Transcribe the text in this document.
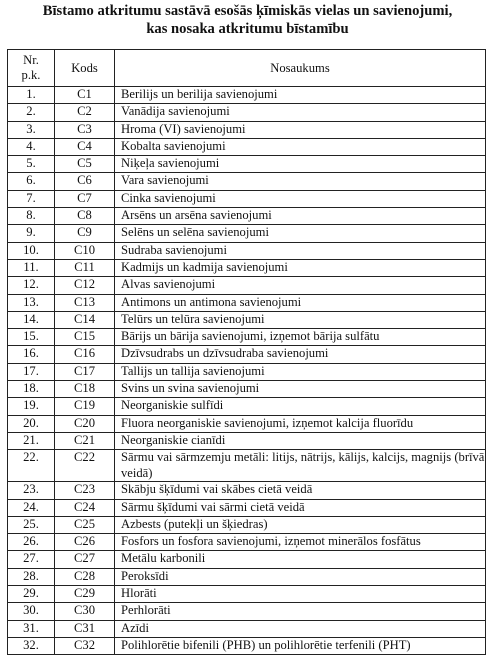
Bīstamo atkritumu sastāvā esošās ķīmiskās vielas un savienojumi,
kas nosaka atkritumu bīstamību
Nr.
p.k.	Kods	Nosaukums
1.	C1	Berilijs un berilija savienojumi
2.	C2	Vanādija savienojumi
3.	C3	Hroma (VI) savienojumi
4.	C4	Kobalta savienojumi
5.	C5	Niķeļa savienojumi
6.	C6	Vara savienojumi
7.	C7	Cinka savienojumi
8.	C8	Arsēns un arsēna savienojumi
9.	C9	Selēns un selēna savienojumi
10.	C10	Sudraba savienojumi
11.	C11	Kadmijs un kadmija savienojumi
12.	C12	Alvas savienojumi
13.	C13	Antimons un antimona savienojumi
14.	C14	Telūrs un telūra savienojumi
15.	C15	Bārijs un bārija savienojumi, izņemot bārija sulfātu
16.	C16	Dzīvsudrabs un dzīvsudraba savienojumi
17.	C17	Tallijs un tallija savienojumi
18.	C18	Svins un svina savienojumi
19.	C19	Neorganiskie sulfīdi
20.	C20	Fluora neorganiskie savienojumi, izņemot kalcija fluorīdu
21.	C21	Neorganiskie cianīdi
22.	C22	Sārmu vai sārmzemju metāli: litijs, nātrijs, kālijs, kalcijs, magnijs (brīvā veidā)
23.	C23	Skābju šķīdumi vai skābes cietā veidā
24.	C24	Sārmu šķīdumi vai sārmi cietā veidā
25.	C25	Azbests (putekļi un šķiedras)
26.	C26	Fosfors un fosfora savienojumi, izņemot minerālos fosfātus
27.	C27	Metālu karbonili
28.	C28	Peroksīdi
29.	C29	Hlorāti
30.	C30	Perhlorāti
31.	C31	Azīdi
32.	C32	Polihlorētie bifenili (PHB) un polihlorētie terfenili (PHT)
